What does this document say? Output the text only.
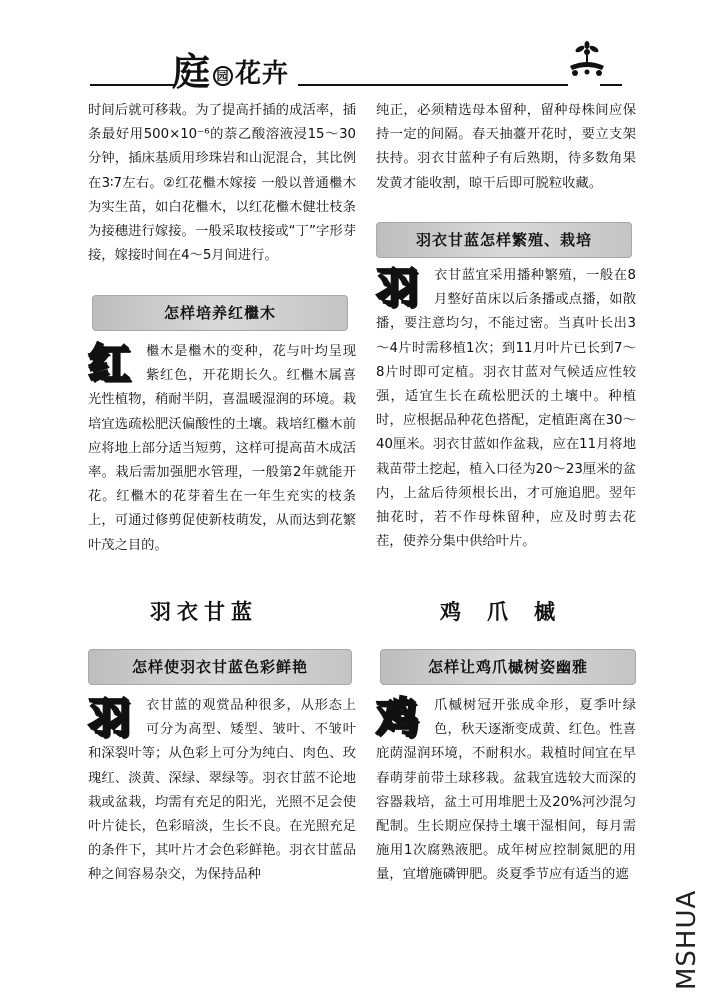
庭 园 花卉

时间后就可移栽。为了提高扦插的成活率，插条最好用500×10⁻⁶的萘乙酸溶液浸15～30分钟，插床基质用珍珠岩和山泥混合，其比例在3∶7左右。②红花檵木嫁接 一般以普通檵木为实生苗，如白花檵木，以红花檵木健壮枝条为接穗进行嫁接。一般采取枝接或“丁”字形芽接，嫁接时间在4～5月间进行。

怎样培养红檵木
红	檵木是檵木的变种，花与叶均呈现紫红色，开花期长久。红檵木属喜光性植物，稍耐半阴，喜温暖湿润的环境。栽培宜选疏松肥沃偏酸性的土壤。栽培红檵木前应将地上部分适当短剪，这样可提高苗木成活率。栽后需加强肥水管理，一般第2年就能开花。红檵木的花芽着生在一年生充实的枝条上，可通过修剪促使新枝萌发，从而达到花繁叶茂之目的。

羽衣甘蓝
怎样使羽衣甘蓝色彩鲜艳
羽	衣甘蓝的观赏品种很多，从形态上可分为高型、矮型、皱叶、不皱叶和深裂叶等；从色彩上可分为纯白、肉色、玫瑰红、淡黄、深绿、翠绿等。羽衣甘蓝不论地栽或盆栽，均需有充足的阳光，光照不足会使叶片徒长，色彩暗淡，生长不良。在光照充足的条件下，其叶片才会色彩鲜艳。羽衣甘蓝品种之间容易杂交，为保持品种

纯正，必须精选母本留种，留种母株间应保持一定的间隔。春天抽薹开花时，要立支架扶持。羽衣甘蓝种子有后熟期，待多数角果发黄才能收割，晾干后即可脱粒收藏。

羽衣甘蓝怎样繁殖、栽培
羽	衣甘蓝宜采用播种繁殖，一般在8月整好苗床以后条播或点播，如散播，要注意均匀，不能过密。当真叶长出3～4片时需移植1次；到11月叶片已长到7～8片时即可定植。羽衣甘蓝对气候适应性较强，适宜生长在疏松肥沃的土壤中。种植时，应根据品种花色搭配，定植距离在30～40厘米。羽衣甘蓝如作盆栽，应在11月将地栽苗带土挖起，植入口径为20～23厘米的盆内，上盆后待须根长出，才可施追肥。翌年抽花时，若不作母株留种，应及时剪去花茬，使养分集中供给叶片。

鸡爪槭
怎样让鸡爪槭树姿幽雅
鸡	爪槭树冠开张成伞形，夏季叶绿色，秋天逐渐变成黄、红色。性喜庇荫湿润环境，不耐积水。栽植时间宜在早春萌芽前带土球移栽。盆栽宜选较大而深的容器栽培，盆土可用堆肥土及20%河沙混匀配制。生长期应保持土壤干湿相间，每月需施用1次腐熟液肥。成年树应控制氮肥的用量，宜增施磷钾肥。炎夏季节应有适当的遮

MSHUA
